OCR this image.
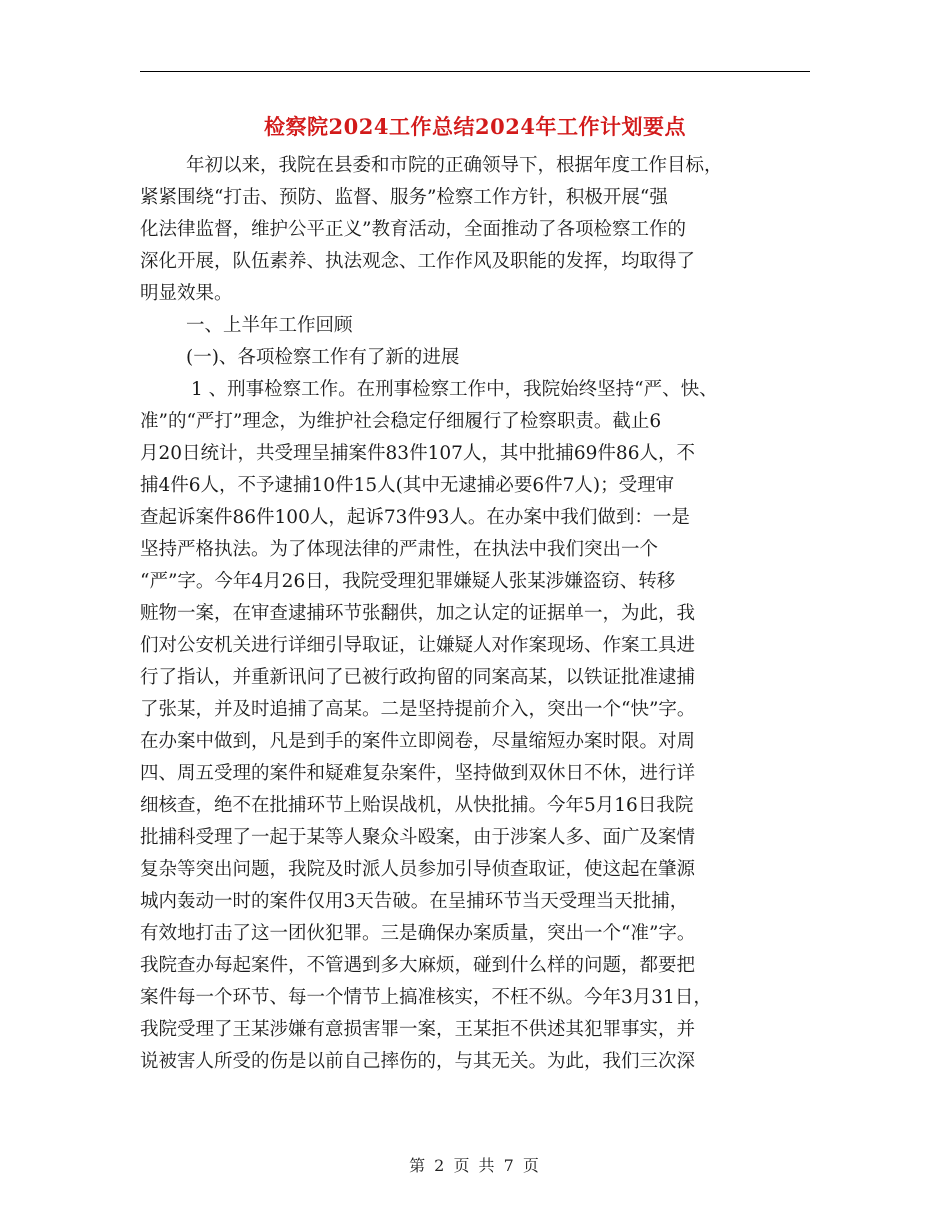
检察院2024工作总结2024年工作计划要点
年初以来，我院在县委和市院的正确领导下，根据年度工作目标，
紧紧围绕“打击、预防、监督、服务”检察工作方针，积极开展“强
化法律监督，维护公平正义”教育活动，全面推动了各项检察工作的
深化开展，队伍素养、执法观念、工作作风及职能的发挥，均取得了
明显效果。
一、上半年工作回顾
(一)、各项检察工作有了新的进展
1 、刑事检察工作。在刑事检察工作中，我院始终坚持“严、快、
准”的“严打”理念，为维护社会稳定仔细履行了检察职责。截止6
月20日统计，共受理呈捕案件83件107人，其中批捕69件86人，不
捕4件6人，不予逮捕10件15人(其中无逮捕必要6件7人)；受理审
查起诉案件86件100人，起诉73件93人。在办案中我们做到：一是
坚持严格执法。为了体现法律的严肃性，在执法中我们突出一个
“严”字。今年4月26日，我院受理犯罪嫌疑人张某涉嫌盗窃、转移
赃物一案，在审查逮捕环节张翻供，加之认定的证据单一，为此，我
们对公安机关进行详细引导取证，让嫌疑人对作案现场、作案工具进
行了指认，并重新讯问了已被行政拘留的同案高某，以铁证批准逮捕
了张某，并及时追捕了高某。二是坚持提前介入，突出一个“快”字。
在办案中做到，凡是到手的案件立即阅卷，尽量缩短办案时限。对周
四、周五受理的案件和疑难复杂案件，坚持做到双休日不休，进行详
细核查，绝不在批捕环节上贻误战机，从快批捕。今年5月16日我院
批捕科受理了一起于某等人聚众斗殴案，由于涉案人多、面广及案情
复杂等突出问题，我院及时派人员参加引导侦查取证，使这起在肇源
城内轰动一时的案件仅用3天告破。在呈捕环节当天受理当天批捕，
有效地打击了这一团伙犯罪。三是确保办案质量，突出一个“准”字。
我院查办每起案件，不管遇到多大麻烦，碰到什么样的问题，都要把
案件每一个环节、每一个情节上搞准核实，不枉不纵。今年3月31日，
我院受理了王某涉嫌有意损害罪一案，王某拒不供述其犯罪事实，并
说被害人所受的伤是以前自己摔伤的，与其无关。为此，我们三次深
第 2 页 共 7 页
